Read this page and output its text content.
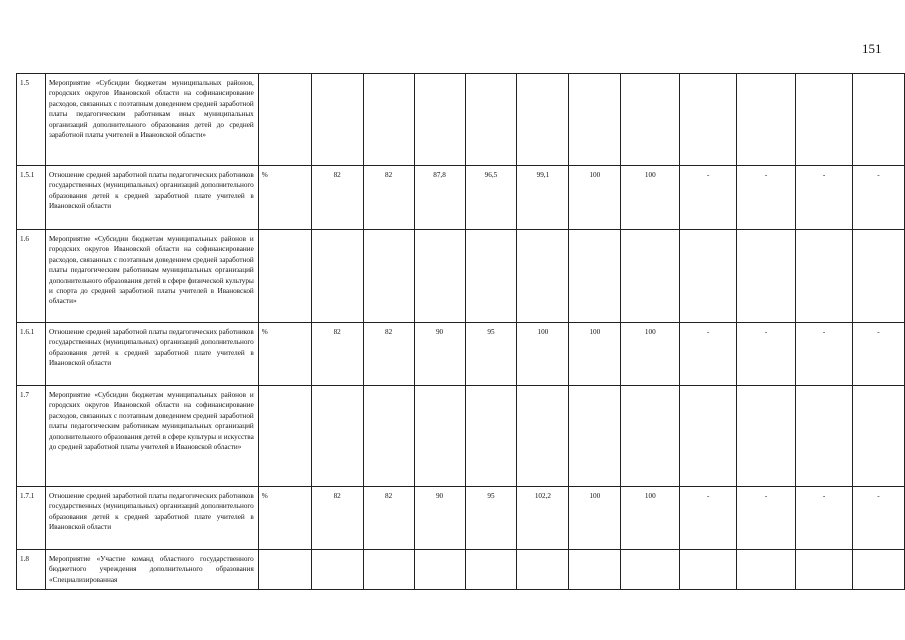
151
1.5	Мероприятие «Субсидии бюджетам муниципальных районов, городских округов Ивановской области на софинансирование расходов, связанных с поэтапным доведением средней заработной платы педагогическим работникам иных муниципальных организаций дополнительного образования детей до средней заработной платы учителей в Ивановской области»												
1.5.1	Отношение средней заработной платы педагогических работников государственных (муниципальных) организаций дополнительного образования детей к средней заработной плате учителей в Ивановской области	%	82	82	87,8	96,5	99,1	100	100	-	-	-	-
1.6	Мероприятие «Субсидии бюджетам муниципальных районов и городских округов Ивановской области на софинансирование расходов, связанных с поэтапным доведением средней заработной платы педагогическим работникам муниципальных организаций дополнительного образования детей в сфере физической культуры и спорта до средней заработной платы учителей в Ивановской области»												
1.6.1	Отношение средней заработной платы педагогических работников государственных (муниципальных) организаций дополнительного образования детей к средней заработной плате учителей в Ивановской области	%	82	82	90	95	100	100	100	-	-	-	-
1.7	Мероприятие «Субсидии бюджетам муниципальных районов и городских округов Ивановской области на софинансирование расходов, связанных с поэтапным доведением средней заработной платы педагогическим работникам муниципальных организаций дополнительного образования детей в сфере культуры и искусства до средней заработной платы учителей в Ивановской области»												
1.7.1	Отношение средней заработной платы педагогических работников государственных (муниципальных) организаций дополнительного образования детей к средней заработной плате учителей в Ивановской области	%	82	82	90	95	102,2	100	100	-	-	-	-
1.8	Мероприятие «Участие команд областного государственного бюджетного учреждения дополнительного образования «Специализированная												
